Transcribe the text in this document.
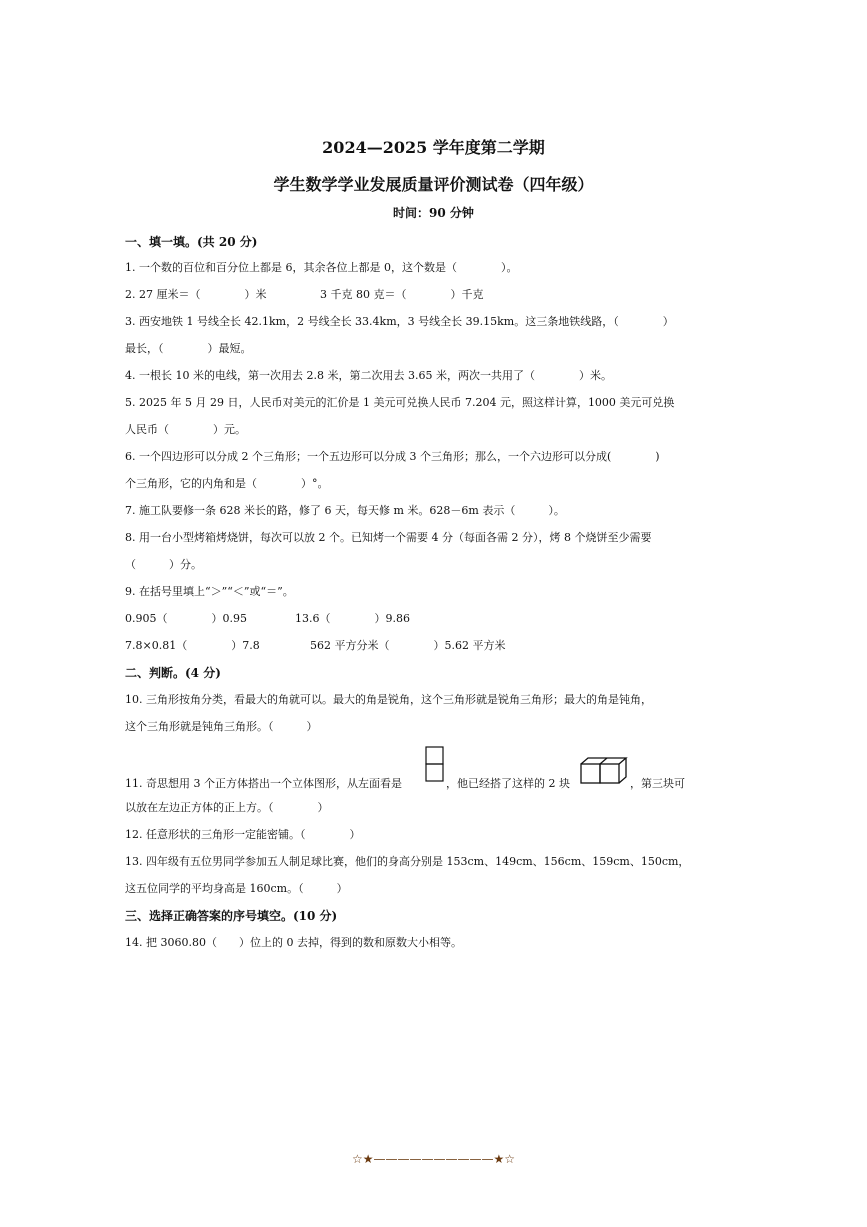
2024—2025 学年度第二学期
学生数学学业发展质量评价测试卷（四年级）
时间：90 分钟
一、填一填。(共 20 分)
1. 一个数的百位和百分位上都是 6，其余各位上都是 0，这个数是（　　　　）。
2. 27 厘米＝（　　　　）米	3 千克 80 克＝（　　　　）千克
3. 西安地铁 1 号线全长 42.1km，2 号线全长 33.4km，3 号线全长 39.15km。这三条地铁线路，（　　　　）
最长，（　　　　）最短。
4. 一根长 10 米的电线，第一次用去 2.8 米，第二次用去 3.65 米，两次一共用了（　　　　）米。
5. 2025 年 5 月 29 日，人民币对美元的汇价是 1 美元可兑换人民币 7.204 元，照这样计算，1000 美元可兑换
人民币（　　　　）元。
6. 一个四边形可以分成 2 个三角形；一个五边形可以分成 3 个三角形；那么，一个六边形可以分成(　　　　)
个三角形，它的内角和是（　　　　）°。
7. 施工队要修一条 628 米长的路，修了 6 天，每天修 m 米。628－6m 表示（　　　）。
8. 用一台小型烤箱烤烧饼，每次可以放 2 个。已知烤一个需要 4 分（每面各需 2 分），烤 8 个烧饼至少需要
（　　　）分。
9. 在括号里填上“＞”“＜”或“＝”。
0.905（　　　　）0.95	13.6（　　　　）9.86
7.8×0.81（　　　　）7.8	562 平方分米（　　　　）5.62 平方米
二、判断。(4 分)
10. 三角形按角分类，看最大的角就可以。最大的角是锐角，这个三角形就是锐角三角形；最大的角是钝角，
这个三角形就是钝角三角形。（　　　）
11. 奇思想用 3 个正方体搭出一个立体图形，从左面看是	，他已经搭了这样的 2 块	，第三块可
以放在左边正方体的正上方。（　　　　）
12. 任意形状的三角形一定能密铺。（　　　　）
13. 四年级有五位男同学参加五人制足球比赛，他们的身高分别是 153cm、149cm、156cm、159cm、150cm，
这五位同学的平均身高是 160cm。（　　　）
三、选择正确答案的序号填空。(10 分)
14. 把 3060.80（　　）位上的 0 去掉，得到的数和原数大小相等。
☆★——————————★☆
